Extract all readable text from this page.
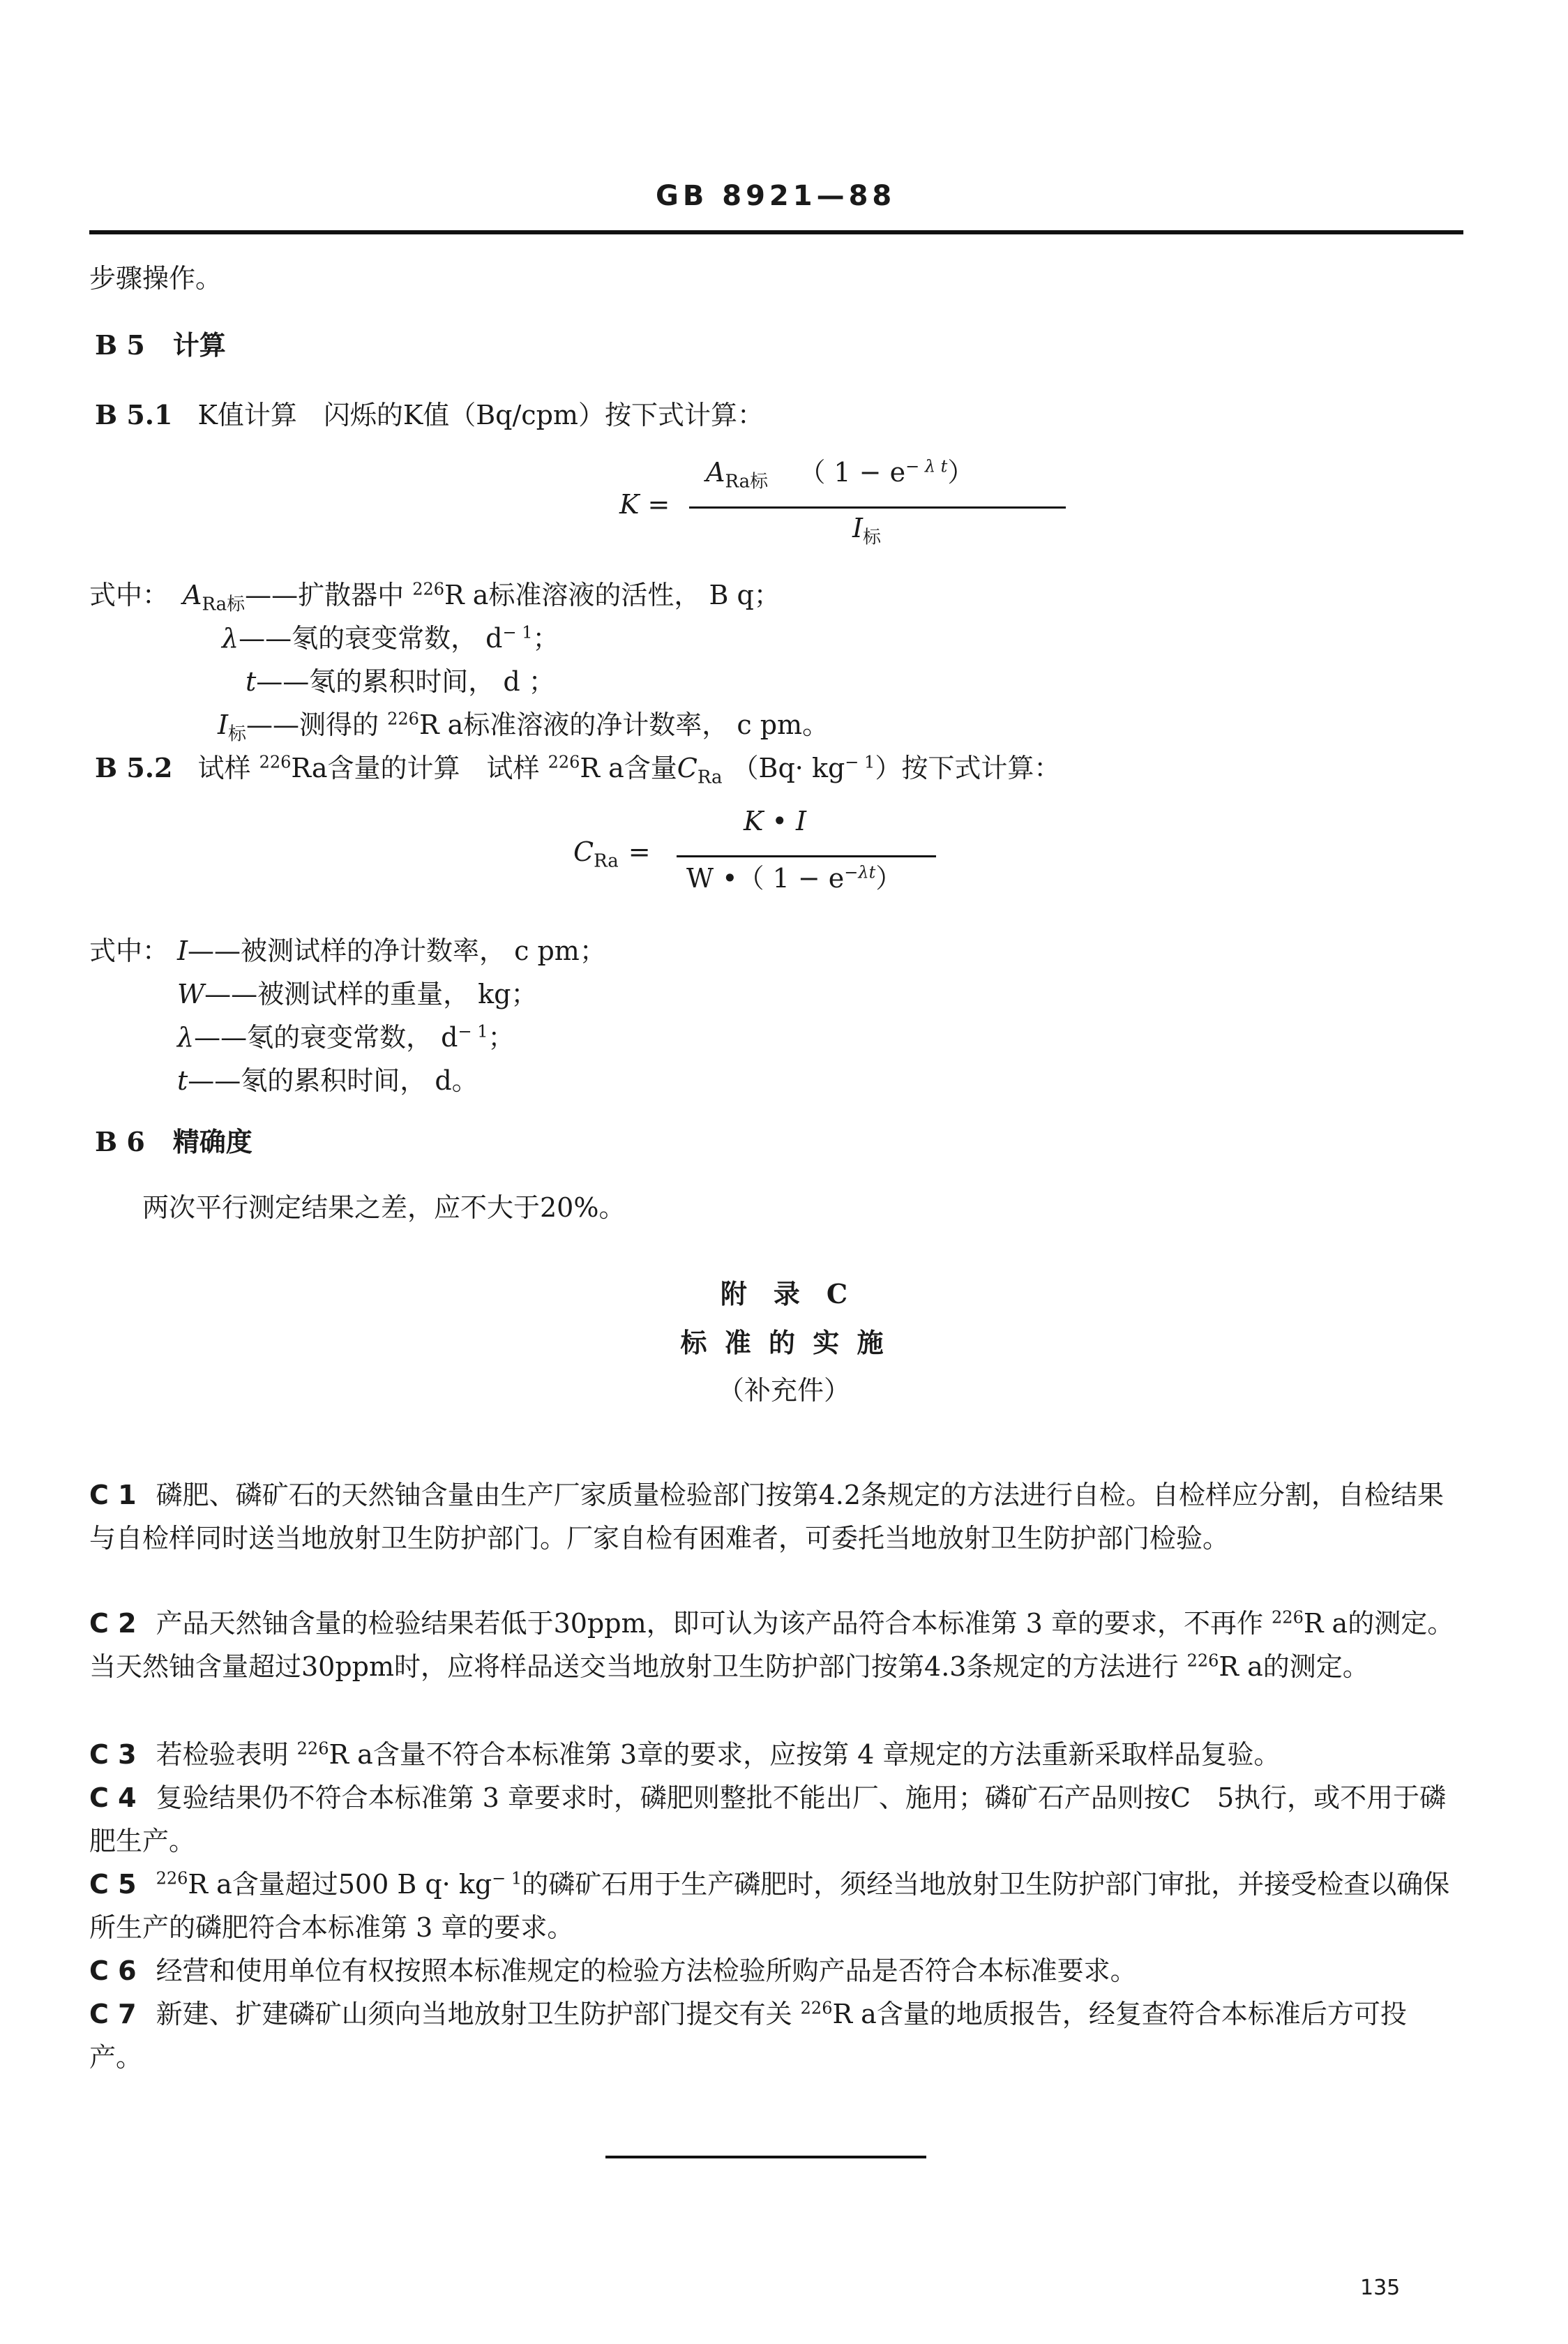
GB 8921—88
步骤操作。
B 5 计算
B 5.1 K值计算　闪烁的K值（Bq/cpm）按下式计算：
K =
$A_{Ra标}$ （ $1 - e^{- \lambda t}$）
$I_标$
式中： $A_{Ra标}——$扩散器中 $^{226}$R a标准溶液的活性， B q；
λ——氡的衰变常数， $d^{- 1}$；
t——氡的累积时间， d ；
$I_标——$测得的 $^{226}$R a标准溶液的净计数率， c pm。
B 5.2 试样 $^{226}$Ra含量的计算　试样 $^{226}$R a含量$C_{Ra}$ $(Bq\cdot kg^{- 1})$按下式计算：
$C_{Ra}$ =
K • I
W •（ $1 - e^{-\lambda t}$）
式中： I——被测试样的净计数率， c pm；
W——被测试样的重量， kg；
λ——氡的衰变常数， $d^{- 1}$；
t——氡的累积时间， d。
B 6 精确度
两次平行测定结果之差，应不大于20%。
附　录　C
标 准 的 实 施
（补充件）
C 1 磷肥、磷矿石的天然铀含量由生产厂家质量检验部门按第4.2条规定的方法进行自检。自检样应分割，自检结果与自检样同时送当地放射卫生防护部门。厂家自检有困难者，可委托当地放射卫生防护部门检验。
C 2 产品天然铀含量的检验结果若低于30ppm，即可认为该产品符合本标准第 3 章的要求，不再作 $^{226}$R a的测定。当天然铀含量超过30ppm时，应将样品送交当地放射卫生防护部门按第4.3条规定的方法进行 $^{226}$R a的测定。
C 3 若检验表明 $^{226}$R a含量不符合本标准第 3章的要求，应按第 4 章规定的方法重新采取样品复验。
C 4 复验结果仍不符合本标准第 3 章要求时，磷肥则整批不能出厂、施用；磷矿石产品则按C　5执行，或不用于磷肥生产。
C 5 $^{226}$R a含量超过500 B $q\cdot kg^{- 1}$的磷矿石用于生产磷肥时，须经当地放射卫生防护部门审批，并接受检查以确保所生产的磷肥符合本标准第 3 章的要求。
C 6 经营和使用单位有权按照本标准规定的检验方法检验所购产品是否符合本标准要求。
C 7 新建、扩建磷矿山须向当地放射卫生防护部门提交有关 $^{226}$R a含量的地质报告，经复查符合本标准后方可投产。
135
